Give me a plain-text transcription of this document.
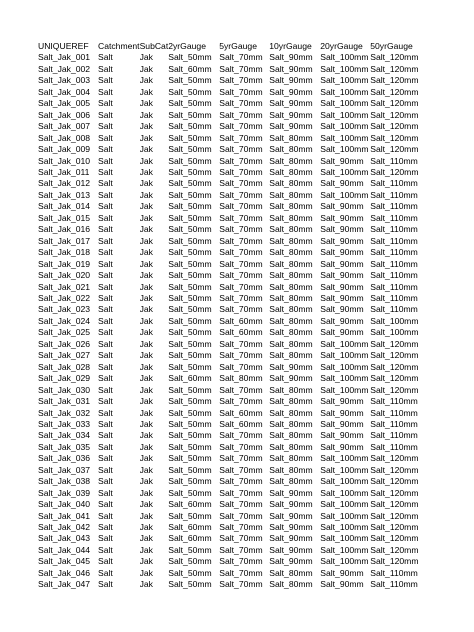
UNIQUEREF	Catchment	SubCat	2yrGauge	5yrGauge	10yrGauge	20yrGauge	50yrGauge
Salt_Jak_001	Salt	Jak	Salt_50mm	Salt_70mm	Salt_90mm	Salt_100mm	Salt_120mm
Salt_Jak_002	Salt	Jak	Salt_60mm	Salt_70mm	Salt_90mm	Salt_100mm	Salt_120mm
Salt_Jak_003	Salt	Jak	Salt_50mm	Salt_70mm	Salt_90mm	Salt_100mm	Salt_120mm
Salt_Jak_004	Salt	Jak	Salt_50mm	Salt_70mm	Salt_90mm	Salt_100mm	Salt_120mm
Salt_Jak_005	Salt	Jak	Salt_50mm	Salt_70mm	Salt_90mm	Salt_100mm	Salt_120mm
Salt_Jak_006	Salt	Jak	Salt_50mm	Salt_70mm	Salt_90mm	Salt_100mm	Salt_120mm
Salt_Jak_007	Salt	Jak	Salt_50mm	Salt_70mm	Salt_90mm	Salt_100mm	Salt_120mm
Salt_Jak_008	Salt	Jak	Salt_50mm	Salt_70mm	Salt_80mm	Salt_100mm	Salt_120mm
Salt_Jak_009	Salt	Jak	Salt_50mm	Salt_70mm	Salt_80mm	Salt_100mm	Salt_120mm
Salt_Jak_010	Salt	Jak	Salt_50mm	Salt_70mm	Salt_80mm	Salt_90mm	Salt_110mm
Salt_Jak_011	Salt	Jak	Salt_50mm	Salt_70mm	Salt_80mm	Salt_100mm	Salt_120mm
Salt_Jak_012	Salt	Jak	Salt_50mm	Salt_70mm	Salt_80mm	Salt_90mm	Salt_110mm
Salt_Jak_013	Salt	Jak	Salt_50mm	Salt_70mm	Salt_80mm	Salt_100mm	Salt_110mm
Salt_Jak_014	Salt	Jak	Salt_50mm	Salt_70mm	Salt_80mm	Salt_90mm	Salt_110mm
Salt_Jak_015	Salt	Jak	Salt_50mm	Salt_70mm	Salt_80mm	Salt_90mm	Salt_110mm
Salt_Jak_016	Salt	Jak	Salt_50mm	Salt_70mm	Salt_80mm	Salt_90mm	Salt_110mm
Salt_Jak_017	Salt	Jak	Salt_50mm	Salt_70mm	Salt_80mm	Salt_90mm	Salt_110mm
Salt_Jak_018	Salt	Jak	Salt_50mm	Salt_70mm	Salt_80mm	Salt_90mm	Salt_110mm
Salt_Jak_019	Salt	Jak	Salt_50mm	Salt_70mm	Salt_80mm	Salt_90mm	Salt_110mm
Salt_Jak_020	Salt	Jak	Salt_50mm	Salt_70mm	Salt_80mm	Salt_90mm	Salt_110mm
Salt_Jak_021	Salt	Jak	Salt_50mm	Salt_70mm	Salt_80mm	Salt_90mm	Salt_110mm
Salt_Jak_022	Salt	Jak	Salt_50mm	Salt_70mm	Salt_80mm	Salt_90mm	Salt_110mm
Salt_Jak_023	Salt	Jak	Salt_50mm	Salt_70mm	Salt_80mm	Salt_90mm	Salt_110mm
Salt_Jak_024	Salt	Jak	Salt_50mm	Salt_60mm	Salt_80mm	Salt_90mm	Salt_100mm
Salt_Jak_025	Salt	Jak	Salt_50mm	Salt_60mm	Salt_80mm	Salt_90mm	Salt_100mm
Salt_Jak_026	Salt	Jak	Salt_50mm	Salt_70mm	Salt_80mm	Salt_100mm	Salt_120mm
Salt_Jak_027	Salt	Jak	Salt_50mm	Salt_70mm	Salt_80mm	Salt_100mm	Salt_120mm
Salt_Jak_028	Salt	Jak	Salt_50mm	Salt_70mm	Salt_90mm	Salt_100mm	Salt_120mm
Salt_Jak_029	Salt	Jak	Salt_60mm	Salt_80mm	Salt_90mm	Salt_100mm	Salt_120mm
Salt_Jak_030	Salt	Jak	Salt_50mm	Salt_70mm	Salt_80mm	Salt_100mm	Salt_120mm
Salt_Jak_031	Salt	Jak	Salt_50mm	Salt_70mm	Salt_80mm	Salt_90mm	Salt_110mm
Salt_Jak_032	Salt	Jak	Salt_50mm	Salt_60mm	Salt_80mm	Salt_90mm	Salt_110mm
Salt_Jak_033	Salt	Jak	Salt_50mm	Salt_60mm	Salt_80mm	Salt_90mm	Salt_110mm
Salt_Jak_034	Salt	Jak	Salt_50mm	Salt_70mm	Salt_80mm	Salt_90mm	Salt_110mm
Salt_Jak_035	Salt	Jak	Salt_50mm	Salt_70mm	Salt_80mm	Salt_90mm	Salt_110mm
Salt_Jak_036	Salt	Jak	Salt_50mm	Salt_70mm	Salt_80mm	Salt_100mm	Salt_120mm
Salt_Jak_037	Salt	Jak	Salt_50mm	Salt_70mm	Salt_80mm	Salt_100mm	Salt_120mm
Salt_Jak_038	Salt	Jak	Salt_50mm	Salt_70mm	Salt_80mm	Salt_100mm	Salt_120mm
Salt_Jak_039	Salt	Jak	Salt_50mm	Salt_70mm	Salt_90mm	Salt_100mm	Salt_120mm
Salt_Jak_040	Salt	Jak	Salt_60mm	Salt_70mm	Salt_90mm	Salt_100mm	Salt_120mm
Salt_Jak_041	Salt	Jak	Salt_50mm	Salt_70mm	Salt_90mm	Salt_100mm	Salt_120mm
Salt_Jak_042	Salt	Jak	Salt_60mm	Salt_70mm	Salt_90mm	Salt_100mm	Salt_120mm
Salt_Jak_043	Salt	Jak	Salt_60mm	Salt_70mm	Salt_90mm	Salt_100mm	Salt_120mm
Salt_Jak_044	Salt	Jak	Salt_50mm	Salt_70mm	Salt_90mm	Salt_100mm	Salt_120mm
Salt_Jak_045	Salt	Jak	Salt_50mm	Salt_70mm	Salt_90mm	Salt_100mm	Salt_120mm
Salt_Jak_046	Salt	Jak	Salt_50mm	Salt_70mm	Salt_80mm	Salt_90mm	Salt_110mm
Salt_Jak_047	Salt	Jak	Salt_50mm	Salt_70mm	Salt_80mm	Salt_90mm	Salt_110mm
